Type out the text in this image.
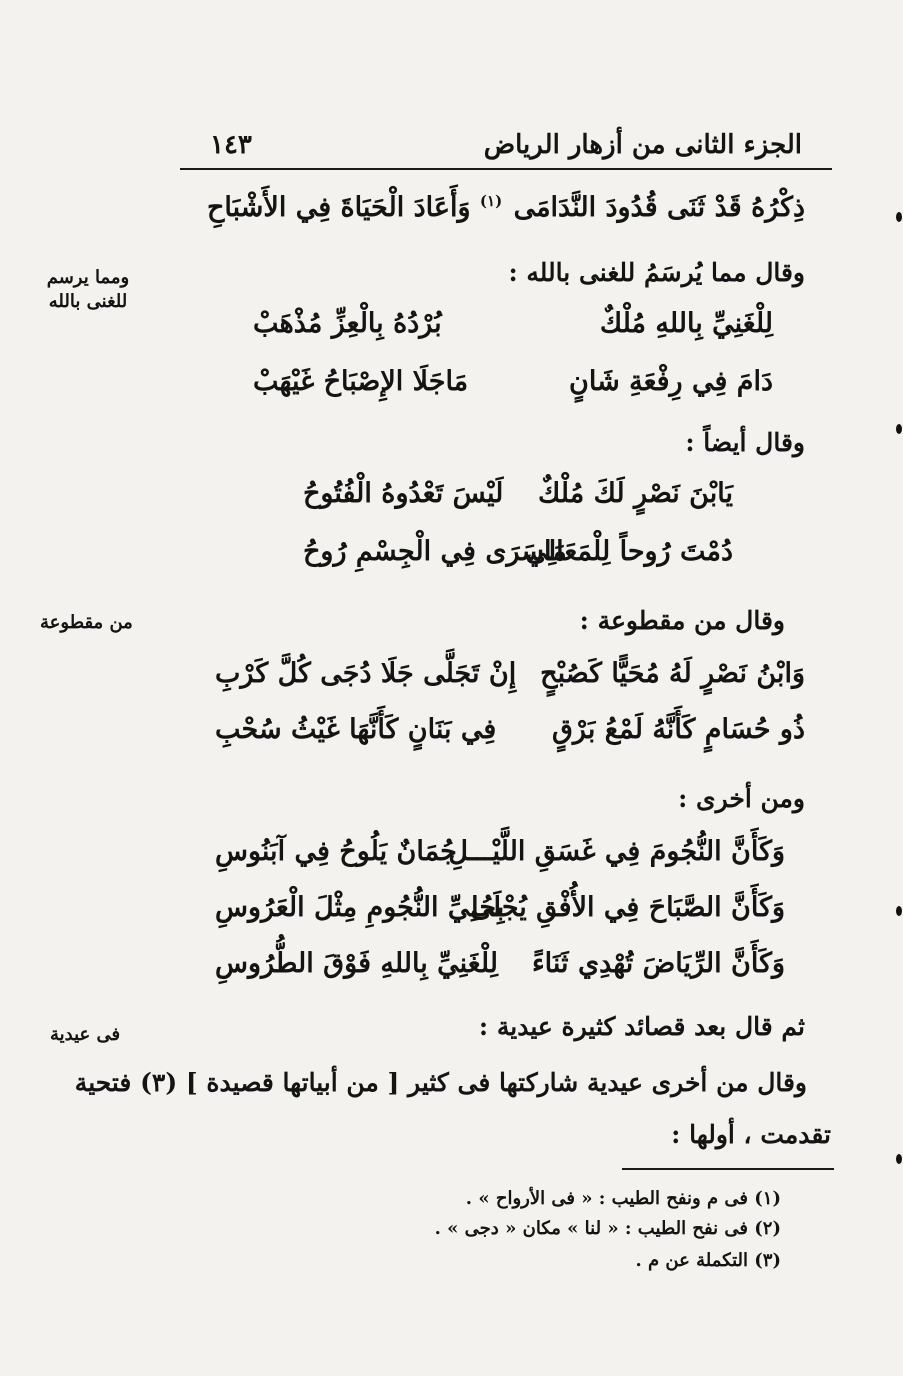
الجزء الثانى من أزهار الرياض
١٤٣
ذِكْرُهُ قَدْ ثَنَى قُدُودَ النَّدَامَى
$^{(١)}$ وَأَعَادَ الْحَيَاةَ فِي الأَشْبَاحِ
وقال مما يُرسَمُ للغنى بالله :
لِلْغَنِيِّ بِاللهِ مُلْكٌ
بُرْدُهُ بِالْعِزِّ مُذْهَبْ
دَامَ فِي رِفْعَةِ شَانٍ
مَاجَلَا الإِصْبَاحُ غَيْهَبْ
وقال أيضاً :
يَابْنَ نَصْرٍ لَكَ مُلْكٌ
لَيْسَ تَعْدُوهُ الْفُتُوحُ
دُمْتَ رُوحاً لِلْمَعَالِي
مَاسَرَى فِي الْجِسْمِ رُوحُ
وقال من مقطوعة :
وَابْنُ نَصْرٍ لَهُ مُحَيًّا كَصُبْحٍ
إِنْ تَجَلَّى جَلَا دُجَى كُلَّ كَرْبِ
ذُو حُسَامٍ كَأَنَّهُ لَمْعُ بَرْقٍ
فِي بَنَانٍ كَأَنَّهَا غَيْثُ سُحْبِ
ومن أخرى :
وَكَأَنَّ النُّجُومَ فِي غَسَقِ اللَّيْـــلِ
جُمَانٌ يَلُوحُ فِي آبَنُوسِ
وَكَأَنَّ الصَّبَاحَ فِي الأُفْقِ يُجْلَى
بِحُلِيِّ النُّجُومِ مِثْلَ الْعَرُوسِ
وَكَأَنَّ الرِّيَاضَ تُهْدِي ثَنَاءً
لِلْغَنِيِّ بِاللهِ فَوْقَ الطُّرُوسِ
ثم قال بعد قصائد كثيرة عيدية :
وقال من أخرى عيدية شاركتها فى كثير [ من أبياتها قصيدة ] (٣) فتحية
تقدمت ، أولها :
ومما يرسم للغنى بالله
من مقطوعة
فى عيدية
(١) فى م ونفح الطيب : « فى الأرواح » .
(٢) فى نفح الطيب : « لنا » مكان « دجى » .
(٣) التكملة عن م .
